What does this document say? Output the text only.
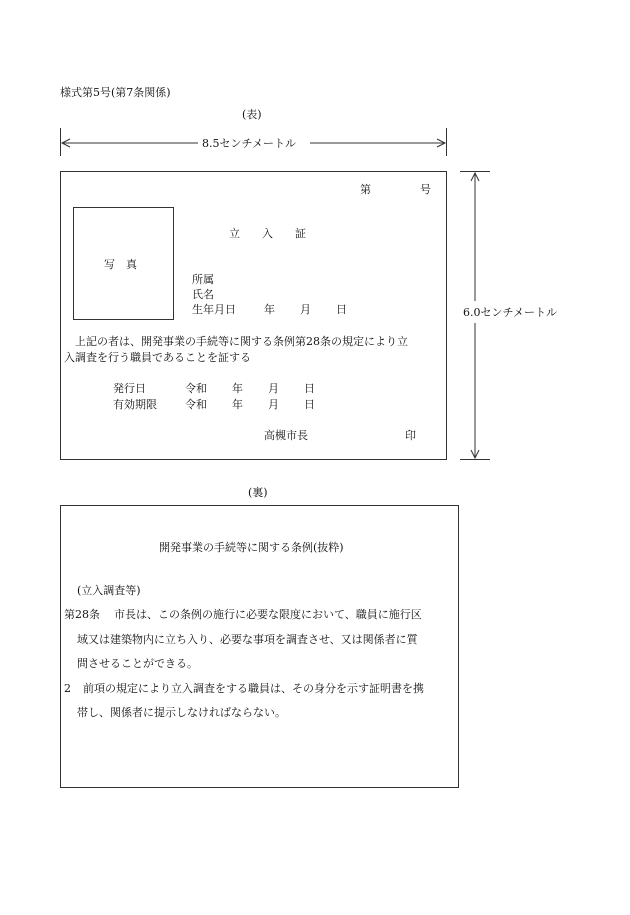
様式第5号(第7条関係)
(表)
8.5センチメートル
第	号
写　真
立　　入　　証
所属
氏名
生年月日	年 月 日
上記の者は、開発事業の手続等に関する条例第28条の規定により立
入調査を行う職員であることを証する
発行日	令和 年 月 日
有効期限	令和 年 月 日
高槻市長	印
6.0センチメートル
(裏)
開発事業の手続等に関する条例(抜粋)
(立入調査等)
第28条 市長は、この条例の施行に必要な限度において、職員に施行区
域又は建築物内に立ち入り、必要な事項を調査させ、又は関係者に質
問させることができる。
2 前項の規定により立入調査をする職員は、その身分を示す証明書を携
帯し、関係者に提示しなければならない。
